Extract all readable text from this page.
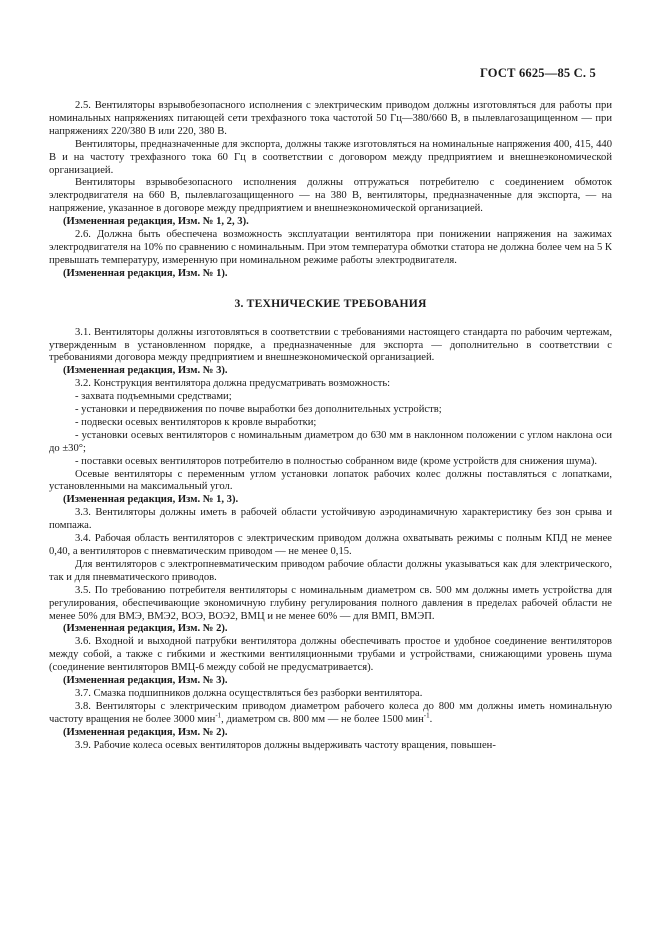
ГОСТ 6625—85 С. 5

2.5. Вентиляторы взрывобезопасного исполнения с электрическим приводом должны изготовляться для работы при номинальных напряжениях питающей сети трехфазного тока частотой 50 Гц—380/660 В, в пылевлагозащищенном — при напряжениях 220/380 В или 220, 380 В.

Вентиляторы, предназначенные для экспорта, должны также изготовляться на номинальные напряжения 400, 415, 440 В и на частоту трехфазного тока 60 Гц в соответствии с договором между предприятием и внешнеэкономической организацией.

Вентиляторы взрывобезопасного исполнения должны отгружаться потребителю с соединением обмоток электродвигателя на 660 В, пылевлагозащищенного — на 380 В, вентиляторы, предназначенные для экспорта, — на напряжение, указанное в договоре между предприятием и внешнеэкономической организацией.

(Измененная редакция, Изм. № 1, 2, 3).

2.6. Должна быть обеспечена возможность эксплуатации вентилятора при понижении напряжения на зажимах электродвигателя на 10% по сравнению с номинальным. При этом температура обмотки статора не должна более чем на 5 К превышать температуру, измеренную при номинальном режиме работы электродвигателя.

(Измененная редакция, Изм. № 1).

3. ТЕХНИЧЕСКИЕ ТРЕБОВАНИЯ

3.1. Вентиляторы должны изготовляться в соответствии с требованиями настоящего стандарта по рабочим чертежам, утвержденным в установленном порядке, а предназначенные для экспорта — дополнительно в соответствии с требованиями договора между предприятием и внешнеэкономической организацией.

(Измененная редакция, Изм. № 3).

3.2. Конструкция вентилятора должна предусматривать возможность:

- захвата подъемными средствами;

- установки и передвижения по почве выработки без дополнительных устройств;

- подвески осевых вентиляторов к кровле выработки;

- установки осевых вентиляторов с номинальным диаметром до 630 мм в наклонном положении с углом наклона оси до ±30°;

- поставки осевых вентиляторов потребителю в полностью собранном виде (кроме устройств для снижения шума).

Осевые вентиляторы с переменным углом установки лопаток рабочих колес должны поставляться с лопатками, установленными на максимальный угол.

(Измененная редакция, Изм. № 1, 3).

3.3. Вентиляторы должны иметь в рабочей области устойчивую аэродинамичную характеристику без зон срыва и помпажа.

3.4. Рабочая область вентиляторов с электрическим приводом должна охватывать режимы с полным КПД не менее 0,40, а вентиляторов с пневматическим приводом — не менее 0,15.

Для вентиляторов с электропневматическим приводом рабочие области должны указываться как для электрического, так и для пневматического приводов.

3.5. По требованию потребителя вентиляторы с номинальным диаметром св. 500 мм должны иметь устройства для регулирования, обеспечивающие экономичную глубину регулирования полного давления в пределах рабочей области не менее 50% для ВМЭ, ВМЭ2, ВОЭ, ВОЭ2, ВМЦ и не менее 60% — для ВМП, ВМЭП.

(Измененная редакция, Изм. № 2).

3.6. Входной и выходной патрубки вентилятора должны обеспечивать простое и удобное соединение вентиляторов между собой, а также с гибкими и жесткими вентиляционными трубами и устройствами, снижающими уровень шума (соединение вентиляторов ВМЦ-6 между собой не предусматривается).

(Измененная редакция, Изм. № 3).

3.7. Смазка подшипников должна осуществляться без разборки вентилятора.

3.8. Вентиляторы с электрическим приводом диаметром рабочего колеса до 800 мм должны иметь номинальную частоту вращения не более 3000 мин$^{-1}$, диаметром св. 800 мм — не более 1500 мин$^{-1}$.

(Измененная редакция, Изм. № 2).

3.9. Рабочие колеса осевых вентиляторов должны выдерживать частоту вращения, повышен-
